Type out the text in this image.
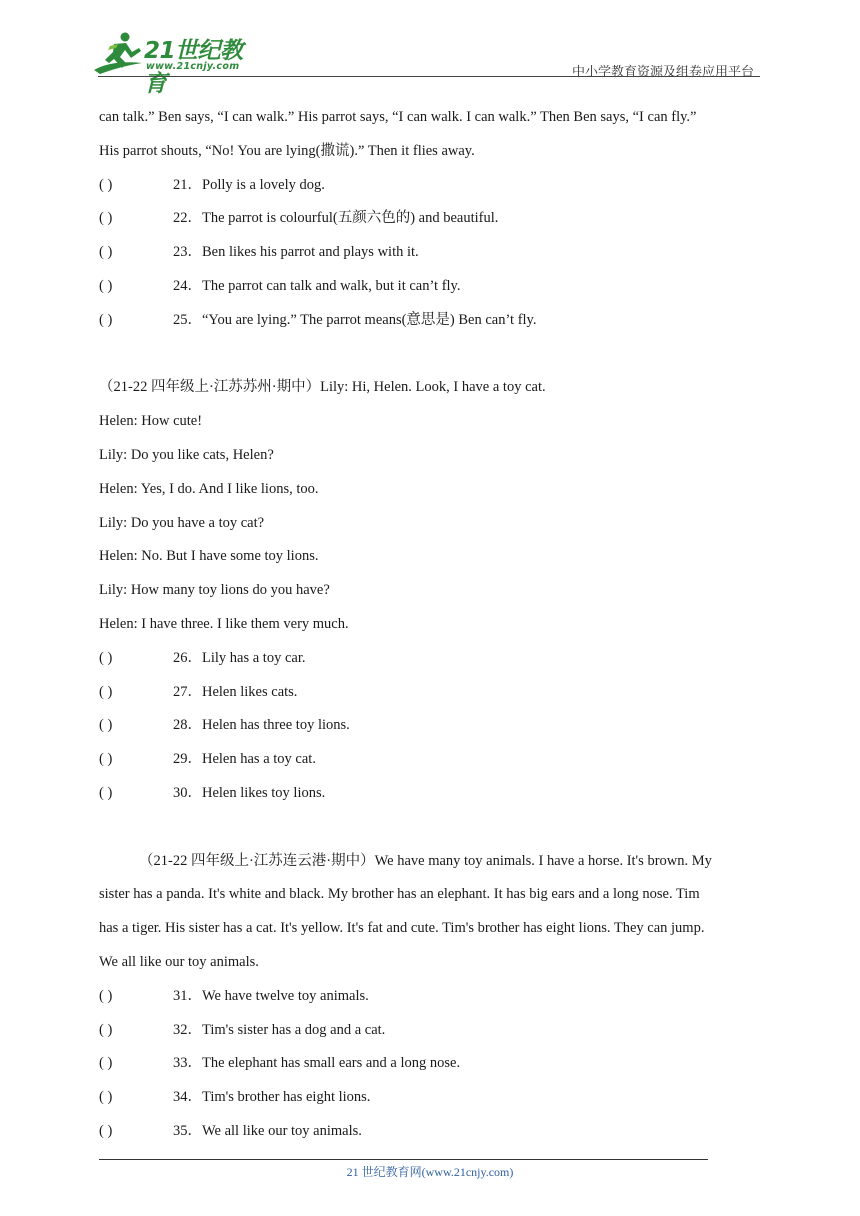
21世纪教育
www.21cnjy.com	中小学教育资源及组卷应用平台

can talk.” Ben says, “I can walk.” His parrot says, “I can walk. I can walk.” Then Ben says, “I can fly.”

His parrot shouts, “No! You are lying(撒谎).” Then it flies away.

( )	21．Polly is a lovely dog.
( )	22．The parrot is colourful(五颜六色的) and beautiful.
( )	23．Ben likes his parrot and plays with it.
( )	24．The parrot can talk and walk, but it can’t fly.
( )	25．“You are lying.” The parrot means(意思是) Ben can’t fly.

（21-22 四年级上·江苏苏州·期中）Lily: Hi, Helen. Look, I have a toy cat.

Helen: How cute!

Lily: Do you like cats, Helen?

Helen: Yes, I do. And I like lions, too.

Lily: Do you have a toy cat?

Helen: No. But I have some toy lions.

Lily: How many toy lions do you have?

Helen: I have three. I like them very much.

( )	26．Lily has a toy car.
( )	27．Helen likes cats.
( )	28．Helen has three toy lions.
( )	29．Helen has a toy cat.
( )	30．Helen likes toy lions.

（21-22 四年级上·江苏连云港·期中）We have many toy animals. I have a horse. It's brown. My

sister has a panda. It's white and black. My brother has an elephant. It has big ears and a long nose. Tim

has a tiger. His sister has a cat. It's yellow. It's fat and cute. Tim's brother has eight lions. They can jump.

We all like our toy animals.

( )	31．We have twelve toy animals.
( )	32．Tim's sister has a dog and a cat.
( )	33．The elephant has small ears and a long nose.
( )	34．Tim's brother has eight lions.
( )	35．We all like our toy animals.
21 世纪教育网(www.21cnjy.com)
